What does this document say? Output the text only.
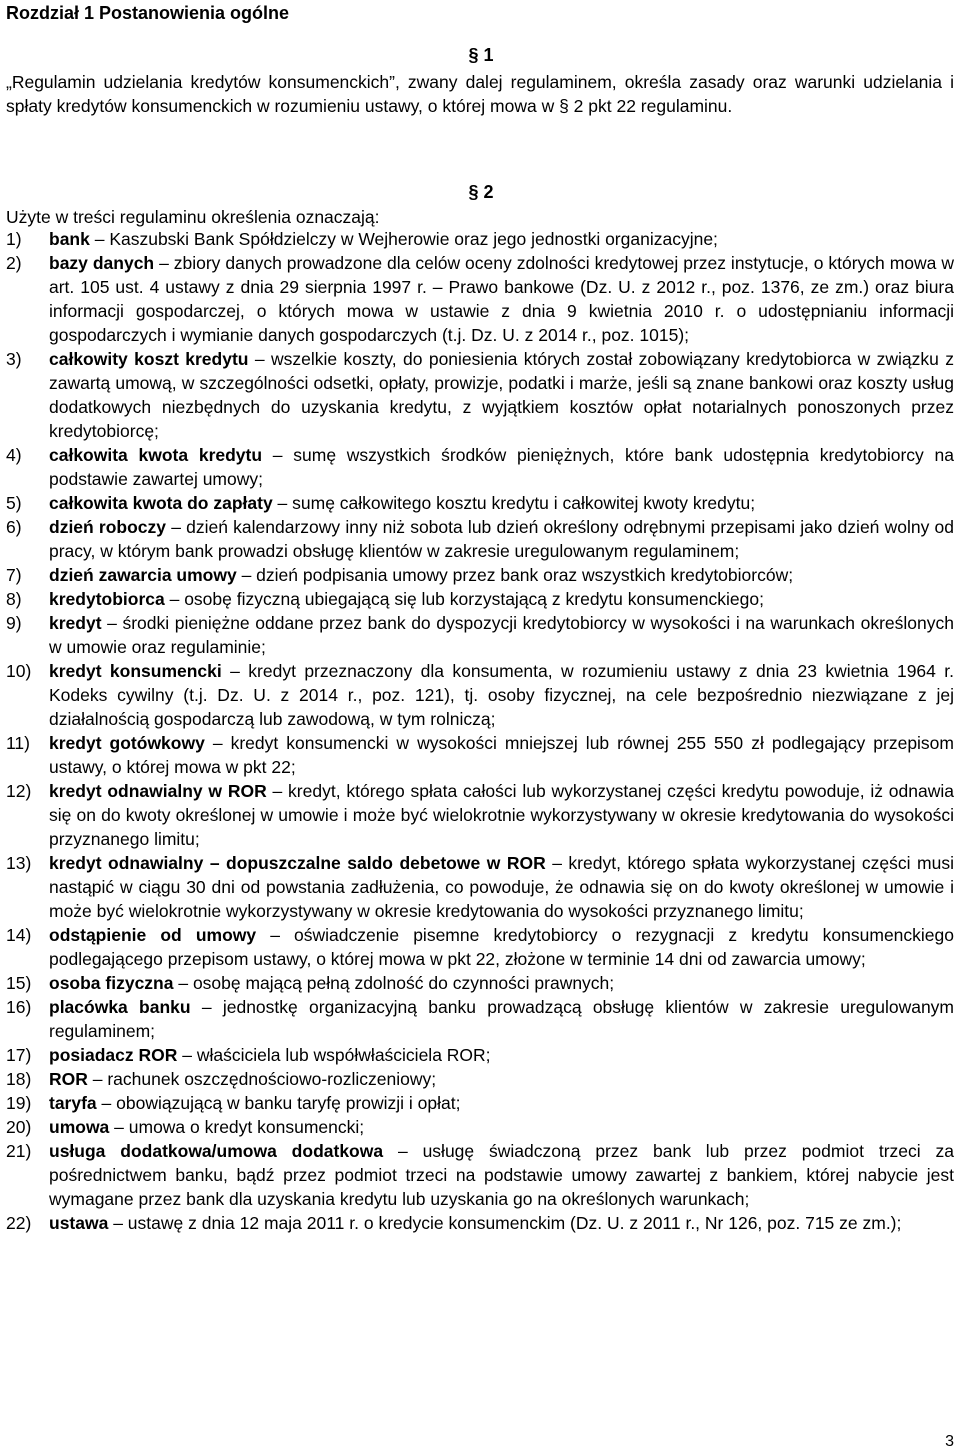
Rozdział 1 Postanowienia ogólne
§ 1
„Regulamin udzielania kredytów konsumenckich”, zwany dalej regulaminem, określa zasady oraz warunki udzielania i spłaty kredytów konsumenckich w rozumieniu ustawy, o której mowa w § 2 pkt 22 regulaminu.
§ 2
Użyte w treści regulaminu określenia oznaczają:
1) bank – Kaszubski Bank Spółdzielczy w Wejherowie oraz jego jednostki organizacyjne;
2) bazy danych – zbiory danych prowadzone dla celów oceny zdolności kredytowej przez instytucje, o których mowa w art. 105 ust. 4 ustawy z dnia 29 sierpnia 1997 r. – Prawo bankowe (Dz. U. z 2012 r., poz. 1376, ze zm.) oraz biura informacji gospodarczej, o których mowa w ustawie z dnia 9 kwietnia 2010 r. o udostępnianiu informacji gospodarczych i wymianie danych gospodarczych (t.j. Dz. U. z 2014 r., poz. 1015);
3) całkowity koszt kredytu – wszelkie koszty, do poniesienia których został zobowiązany kredytobiorca w związku z zawartą umową, w szczególności odsetki, opłaty, prowizje, podatki i marże, jeśli są znane bankowi oraz koszty usług dodatkowych niezbędnych do uzyskania kredytu, z wyjątkiem kosztów opłat notarialnych ponoszonych przez kredytobiorcę;
4) całkowita kwota kredytu – sumę wszystkich środków pieniężnych, które bank udostępnia kredytobiorcy na podstawie zawartej umowy;
5) całkowita kwota do zapłaty – sumę całkowitego kosztu kredytu i całkowitej kwoty kredytu;
6) dzień roboczy – dzień kalendarzowy inny niż sobota lub dzień określony odrębnymi przepisami jako dzień wolny od pracy, w którym bank prowadzi obsługę klientów w zakresie uregulowanym regulaminem;
7) dzień zawarcia umowy – dzień podpisania umowy przez bank oraz wszystkich kredytobiorców;
8) kredytobiorca – osobę fizyczną ubiegającą się lub korzystającą z kredytu konsumenckiego;
9) kredyt – środki pieniężne oddane przez bank do dyspozycji kredytobiorcy w wysokości i na warunkach określonych w umowie oraz regulaminie;
10) kredyt konsumencki – kredyt przeznaczony dla konsumenta, w rozumieniu ustawy z dnia 23 kwietnia 1964 r. Kodeks cywilny (t.j. Dz. U. z 2014 r., poz. 121), tj. osoby fizycznej, na cele bezpośrednio niezwiązane z jej działalnością gospodarczą lub zawodową, w tym rolniczą;
11) kredyt gotówkowy – kredyt konsumencki w wysokości mniejszej lub równej 255 550 zł podlegający przepisom ustawy, o której mowa w pkt 22;
12) kredyt odnawialny w ROR – kredyt, którego spłata całości lub wykorzystanej części kredytu powoduje, iż odnawia się on do kwoty określonej w umowie i może być wielokrotnie wykorzystywany w okresie kredytowania do wysokości przyznanego limitu;
13) kredyt odnawialny – dopuszczalne saldo debetowe w ROR – kredyt, którego spłata wykorzystanej części musi nastąpić w ciągu 30 dni od powstania zadłużenia, co powoduje, że odnawia się on do kwoty określonej w umowie i może być wielokrotnie wykorzystywany w okresie kredytowania do wysokości przyznanego limitu;
14) odstąpienie od umowy – oświadczenie pisemne kredytobiorcy o rezygnacji z kredytu konsumenckiego podlegającego przepisom ustawy, o której mowa w pkt 22, złożone w terminie 14 dni od zawarcia umowy;
15) osoba fizyczna – osobę mającą pełną zdolność do czynności prawnych;
16) placówka banku – jednostkę organizacyjną banku prowadzącą obsługę klientów w zakresie uregulowanym regulaminem;
17) posiadacz ROR – właściciela lub współwłaściciela ROR;
18) ROR – rachunek oszczędnościowo-rozliczeniowy;
19) taryfa – obowiązującą w banku taryfę prowizji i opłat;
20) umowa – umowa o kredyt konsumencki;
21) usługa dodatkowa/umowa dodatkowa – usługę świadczoną przez bank lub przez podmiot trzeci za pośrednictwem banku, bądź przez podmiot trzeci na podstawie umowy zawartej z bankiem, której nabycie jest wymagane przez bank dla uzyskania kredytu lub uzyskania go na określonych warunkach;
22) ustawa – ustawę z dnia 12 maja 2011 r. o kredycie konsumenckim (Dz. U. z 2011 r., Nr 126, poz. 715 ze zm.);
3
